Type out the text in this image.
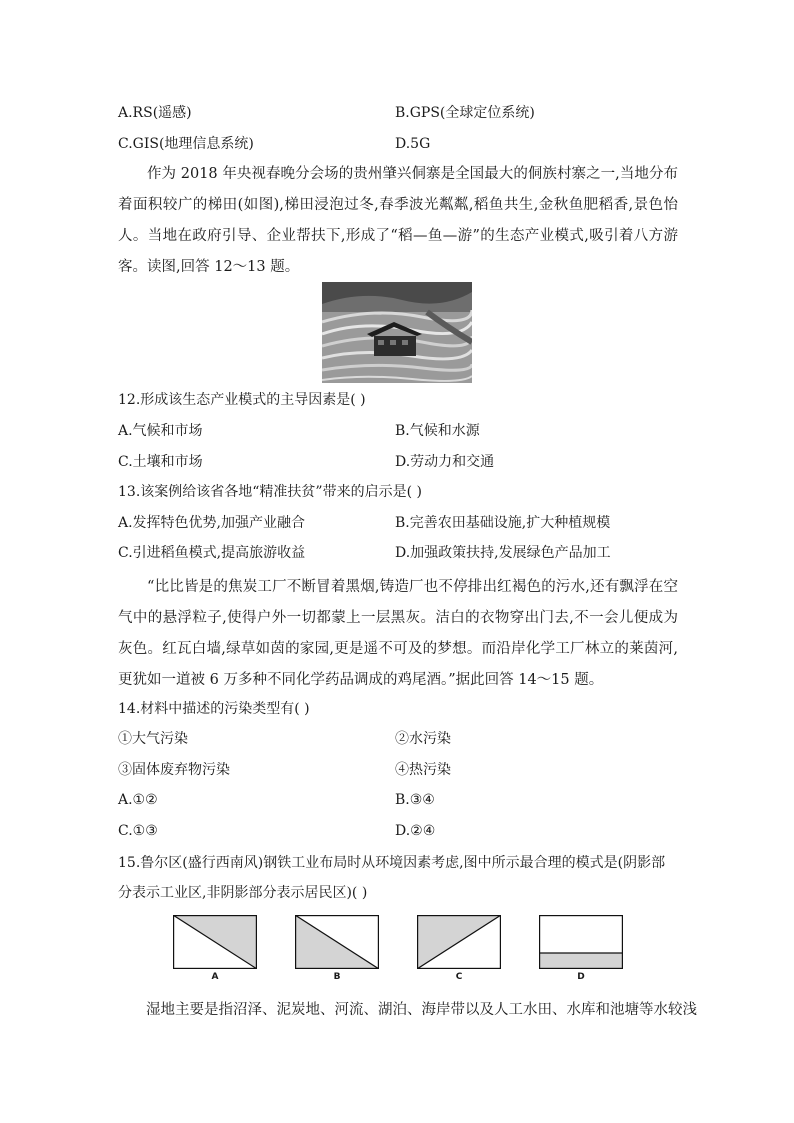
A.RS(遥感)	B.GPS(全球定位系统)
C.GIS(地理信息系统)	D.5G
作为 2018 年央视春晚分会场的贵州肇兴侗寨是全国最大的侗族村寨之一,当地分布着面积较广的梯田(如图),梯田浸泡过冬,春季波光粼粼,稻鱼共生,金秋鱼肥稻香,景色怡人。当地在政府引导、企业帮扶下,形成了“稻—鱼—游”的生态产业模式,吸引着八方游客。读图,回答 12～13 题。
12.形成该生态产业模式的主导因素是( )
A.气候和市场	B.气候和水源
C.土壤和市场	D.劳动力和交通
13.该案例给该省各地“精准扶贫”带来的启示是( )
A.发挥特色优势,加强产业融合	B.完善农田基础设施,扩大种植规模
C.引进稻鱼模式,提高旅游收益	D.加强政策扶持,发展绿色产品加工
“比比皆是的焦炭工厂不断冒着黑烟,铸造厂也不停排出红褐色的污水,还有飘浮在空气中的悬浮粒子,使得户外一切都蒙上一层黑灰。洁白的衣物穿出门去,不一会儿便成为灰色。红瓦白墙,绿草如茵的家园,更是遥不可及的梦想。而沿岸化学工厂林立的莱茵河,更犹如一道被 6 万多种不同化学药品调成的鸡尾酒。”据此回答 14～15 题。
14.材料中描述的污染类型有( )
①大气污染	②水污染
③固体废弃物污染	④热污染
A.①②	B.③④
C.①③	D.②④
15.鲁尔区(盛行西南风)钢铁工业布局时从环境因素考虑,图中所示最合理的模式是(阴影部
分表示工业区,非阴影部分表示居民区)( )
A	B	C	D
湿地主要是指沼泽、泥炭地、河流、湖泊、海岸带以及人工水田、水库和池塘等水较浅
